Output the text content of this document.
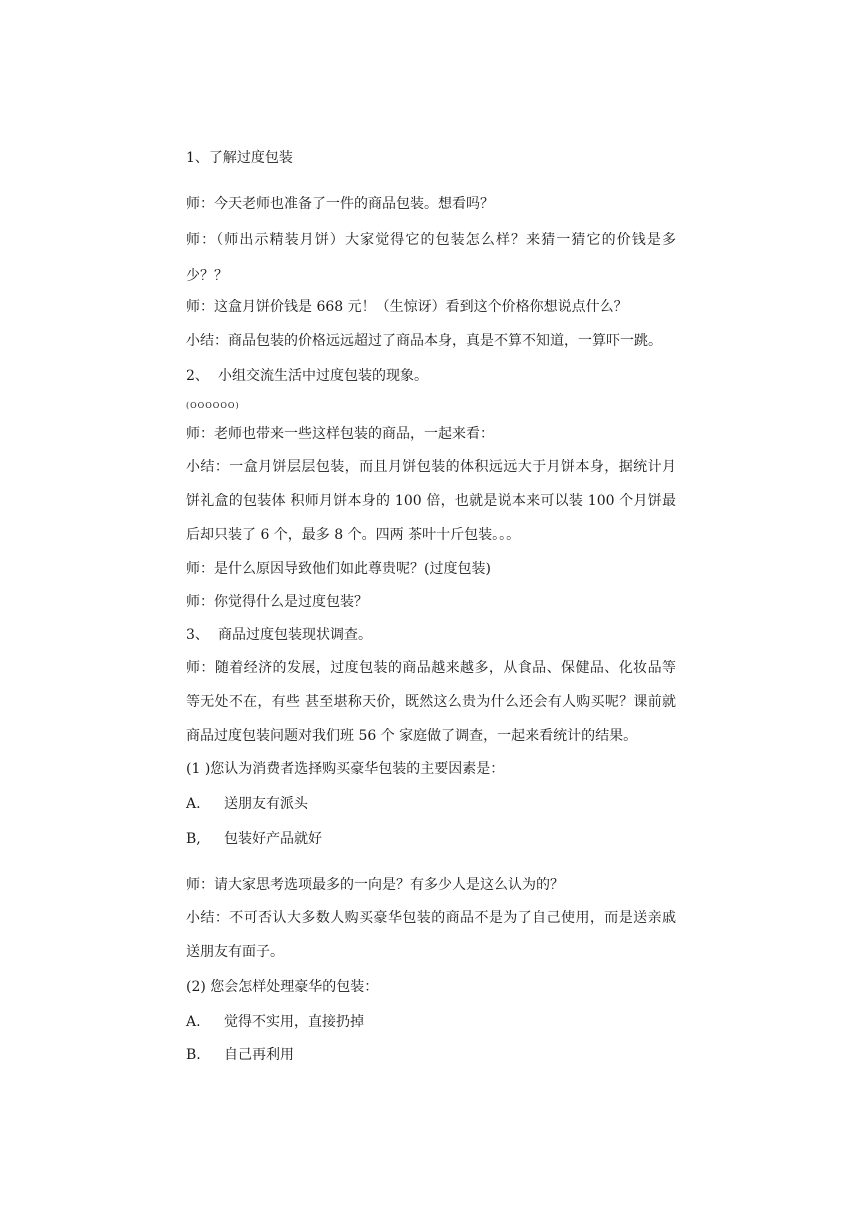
1、了解过度包装
师：今天老师也准备了一件的商品包装。想看吗？
师：（师出示精装月饼）大家觉得它的包装怎么样？来猜一猜它的价钱是多
少？？
师：这盒月饼价钱是 668 元！（生惊讶）看到这个价格你想说点什么？
小结：商品包装的价格远远超过了商品本身，真是不算不知道，一算吓一跳。
2、 小组交流生活中过度包装的现象。
(OOOOOO)
师：老师也带来一些这样包装的商品，一起来看：
小结：一盒月饼层层包装，而且月饼包装的体积远远大于月饼本身，据统计月
饼礼盒的包装体 积师月饼本身的 100 倍，也就是说本来可以装 100 个月饼最
后却只装了 6 个，最多 8 个。四两 茶叶十斤包装。。。
师：是什么原因导致他们如此尊贵呢？(过度包装)
师：你觉得什么是过度包装？
3、 商品过度包装现状调查。
师：随着经济的发展，过度包装的商品越来越多，从食品、保健品、化妆品等
等无处不在，有些 甚至堪称天价，既然这么贵为什么还会有人购买呢？课前就
商品过度包装问题对我们班 56 个 家庭做了调查，一起来看统计的结果。
(1 )您认为消费者选择购买豪华包装的主要因素是：
A. 送朋友有派头
B, 包装好产品就好
师：请大家思考选项最多的一向是？有多少人是这么认为的？
小结：不可否认大多数人购买豪华包装的商品不是为了自己使用，而是送亲戚
送朋友有面子。
(2) 您会怎样处理豪华的包装：
A. 觉得不实用，直接扔掉
B. 自己再利用
